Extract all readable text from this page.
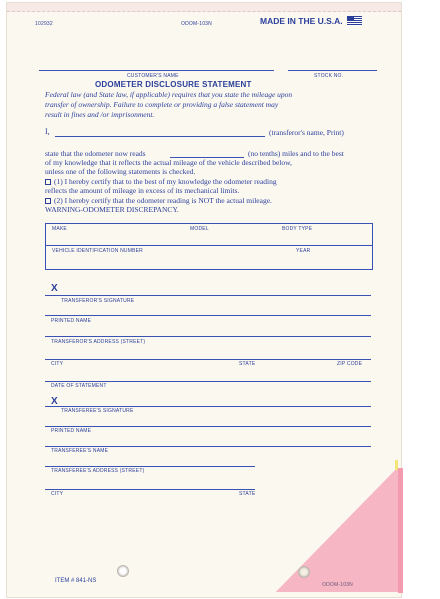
102932	ODOM-103N	MADE IN THE U.S.A.
CUSTOMER'S NAME	STOCK NO.
ODOMETER DISCLOSURE STATEMENT
Federal law (and State law, if applicable) requires that you state the mileage upon
transfer of ownership. Failure to complete or providing a false statement may
result in fines and /or imprisonment.
I,	(transferor's name, Print)
state that the odometer now reads	(no tenths) miles and to the best
of my knowledge that it reflects the actual mileage of the vehicle described below,
unless one of the following statements is checked.
(1) I hereby certify that to the best of my knowledge the odometer reading
reflects the amount of mileage in excess of its mechanical limits.
(2) I hereby certify that the odometer reading is NOT the actual mileage.
WARNING-ODOMETER DISCREPANCY.
MAKE	MODEL	BODY TYPE
VEHICLE IDENTIFICATION NUMBER	YEAR
X
TRANSFEROR'S SIGNATURE
PRINTED NAME
TRANSFEROR'S ADDRESS (STREET)
CITY	STATE	ZIP CODE
DATE OF STATEMENT
X
TRANSFEREE'S SIGNATURE
PRINTED NAME
TRANSFEREE'S NAME
TRANSFEREE'S ADDRESS (STREET)
CITY	STATE
ITEM # 841-NS
ODOM-103N
